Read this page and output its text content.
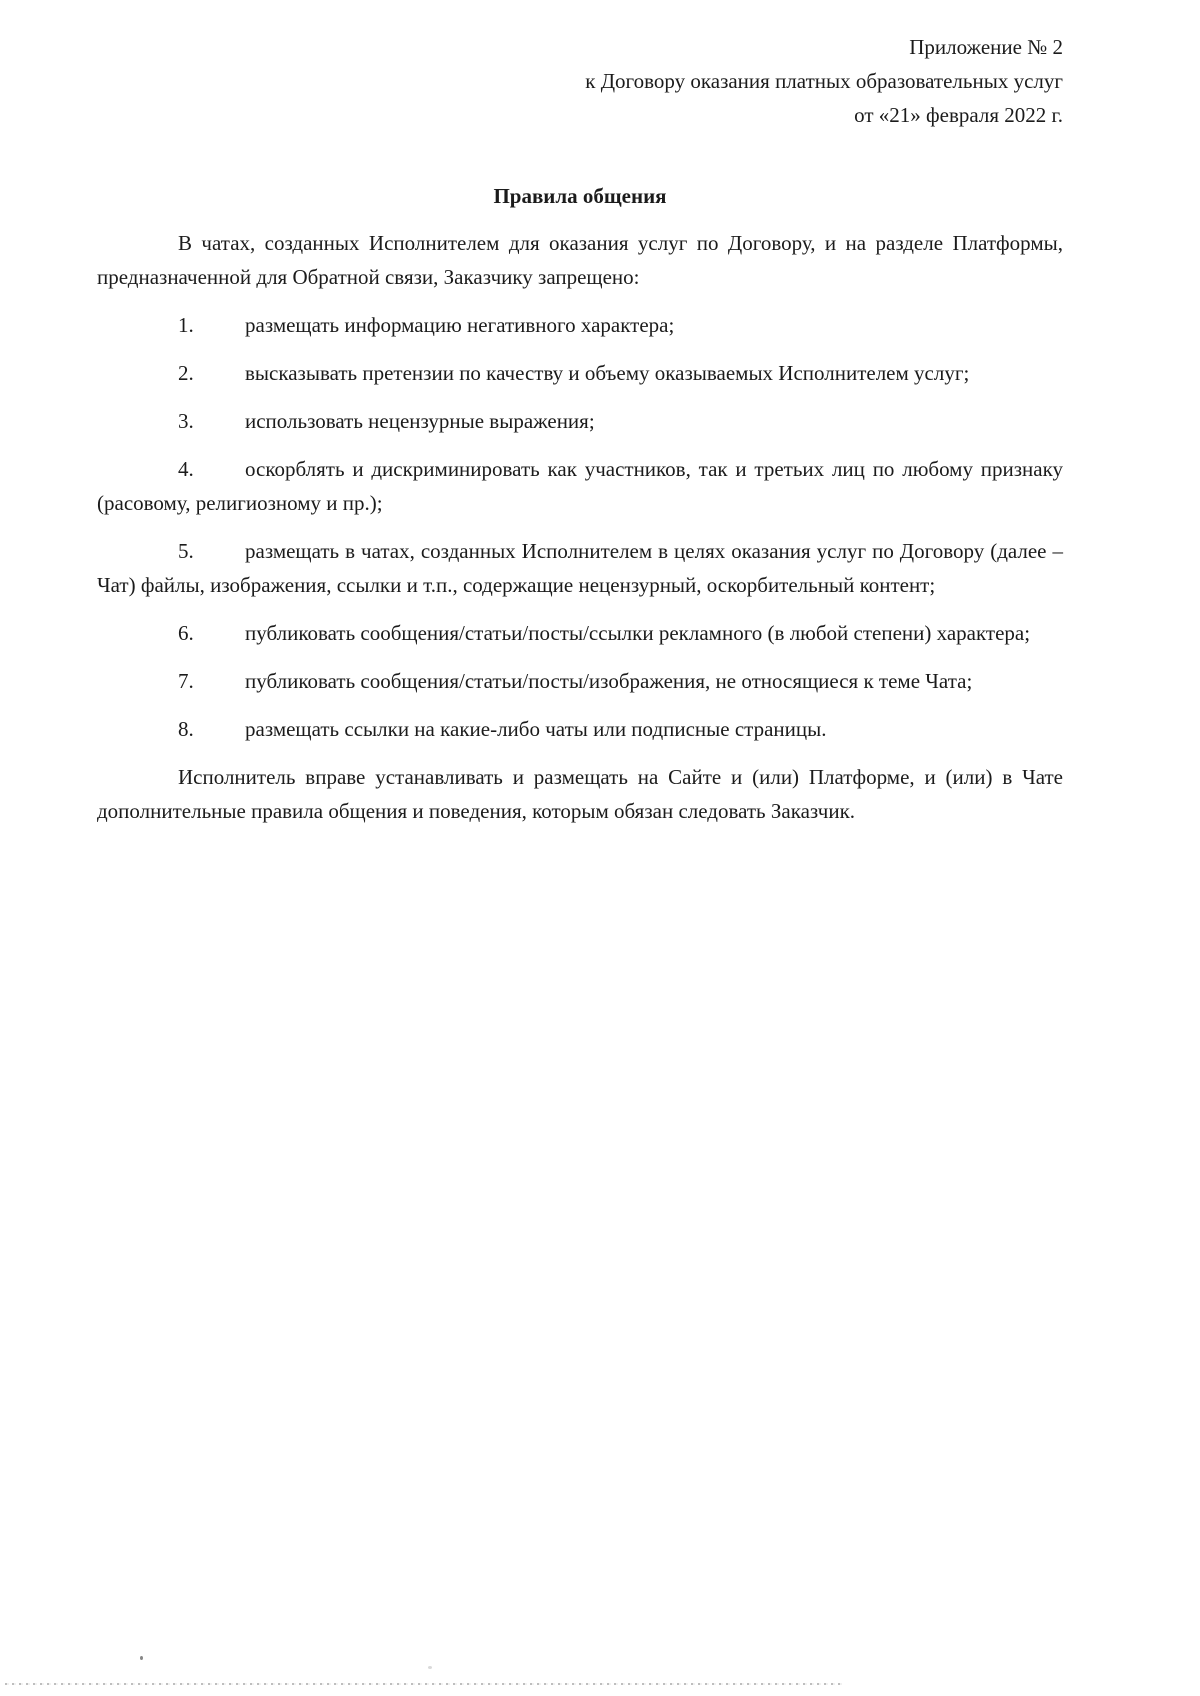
Приложение № 2
к Договору оказания платных образовательных услуг
от «21» февраля 2022 г.
Правила общения

В чатах, созданных Исполнителем для оказания услуг по Договору, и на разделе Платформы, предназначенной для Обратной связи, Заказчику запрещено:

1. размещать информацию негативного характера;
2. высказывать претензии по качеству и объему оказываемых Исполнителем услуг;
3. использовать нецензурные выражения;
4. оскорблять и дискриминировать как участников, так и третьих лиц по любому признаку (расовому, религиозному и пр.);
5. размещать в чатах, созданных Исполнителем в целях оказания услуг по Договору (далее – Чат) файлы, изображения, ссылки и т.п., содержащие нецензурный, оскорбительный контент;
6. публиковать сообщения/статьи/посты/ссылки рекламного (в любой степени) характера;
7. публиковать сообщения/статьи/посты/изображения, не относящиеся к теме Чата;
8. размещать ссылки на какие-либо чаты или подписные страницы.

Исполнитель вправе устанавливать и размещать на Сайте и (или) Платформе, и (или) в Чате дополнительные правила общения и поведения, которым обязан следовать Заказчик.
